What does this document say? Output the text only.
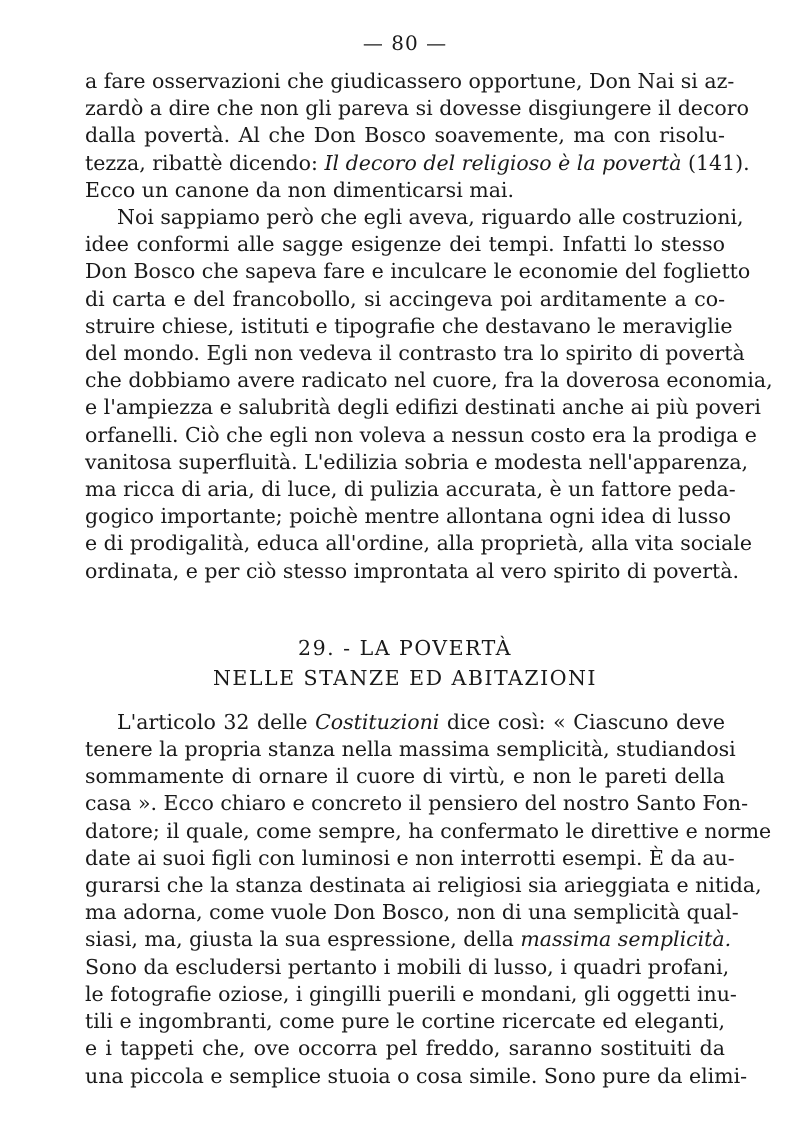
— 80 —
a fare osservazioni che giudicassero opportune, Don Nai si az-
zardò a dire che non gli pareva si dovesse disgiungere il decoro
dalla povertà. Al che Don Bosco soavemente, ma con risolu-
tezza, ribattè dicendo: Il decoro del religioso è la povertà (141).
Ecco un canone da non dimenticarsi mai.
Noi sappiamo però che egli aveva, riguardo alle costruzioni,
idee conformi alle sagge esigenze dei tempi. Infatti lo stesso
Don Bosco che sapeva fare e inculcare le economie del foglietto
di carta e del francobollo, si accingeva poi arditamente a co-
struire chiese, istituti e tipografie che destavano le meraviglie
del mondo. Egli non vedeva il contrasto tra lo spirito di povertà
che dobbiamo avere radicato nel cuore, fra la doverosa economia,
e l'ampiezza e salubrità degli edifizi destinati anche ai più poveri
orfanelli. Ciò che egli non voleva a nessun costo era la prodiga e
vanitosa superfluità. L'edilizia sobria e modesta nell'apparenza,
ma ricca di aria, di luce, di pulizia accurata, è un fattore peda-
gogico importante; poichè mentre allontana ogni idea di lusso
e di prodigalità, educa all'ordine, alla proprietà, alla vita sociale
ordinata, e per ciò stesso improntata al vero spirito di povertà.
29. - LA POVERTÀ
NELLE STANZE ED ABITAZIONI
L'articolo 32 delle Costituzioni dice così: « Ciascuno deve
tenere la propria stanza nella massima semplicità, studiandosi
sommamente di ornare il cuore di virtù, e non le pareti della
casa ». Ecco chiaro e concreto il pensiero del nostro Santo Fon-
datore; il quale, come sempre, ha confermato le direttive e norme
date ai suoi figli con luminosi e non interrotti esempi. È da au-
gurarsi che la stanza destinata ai religiosi sia arieggiata e nitida,
ma adorna, come vuole Don Bosco, non di una semplicità qual-
siasi, ma, giusta la sua espressione, della massima semplicità.
Sono da escludersi pertanto i mobili di lusso, i quadri profani,
le fotografie oziose, i gingilli puerili e mondani, gli oggetti inu-
tili e ingombranti, come pure le cortine ricercate ed eleganti,
e i tappeti che, ove occorra pel freddo, saranno sostituiti da
una piccola e semplice stuoia o cosa simile. Sono pure da elimi-
